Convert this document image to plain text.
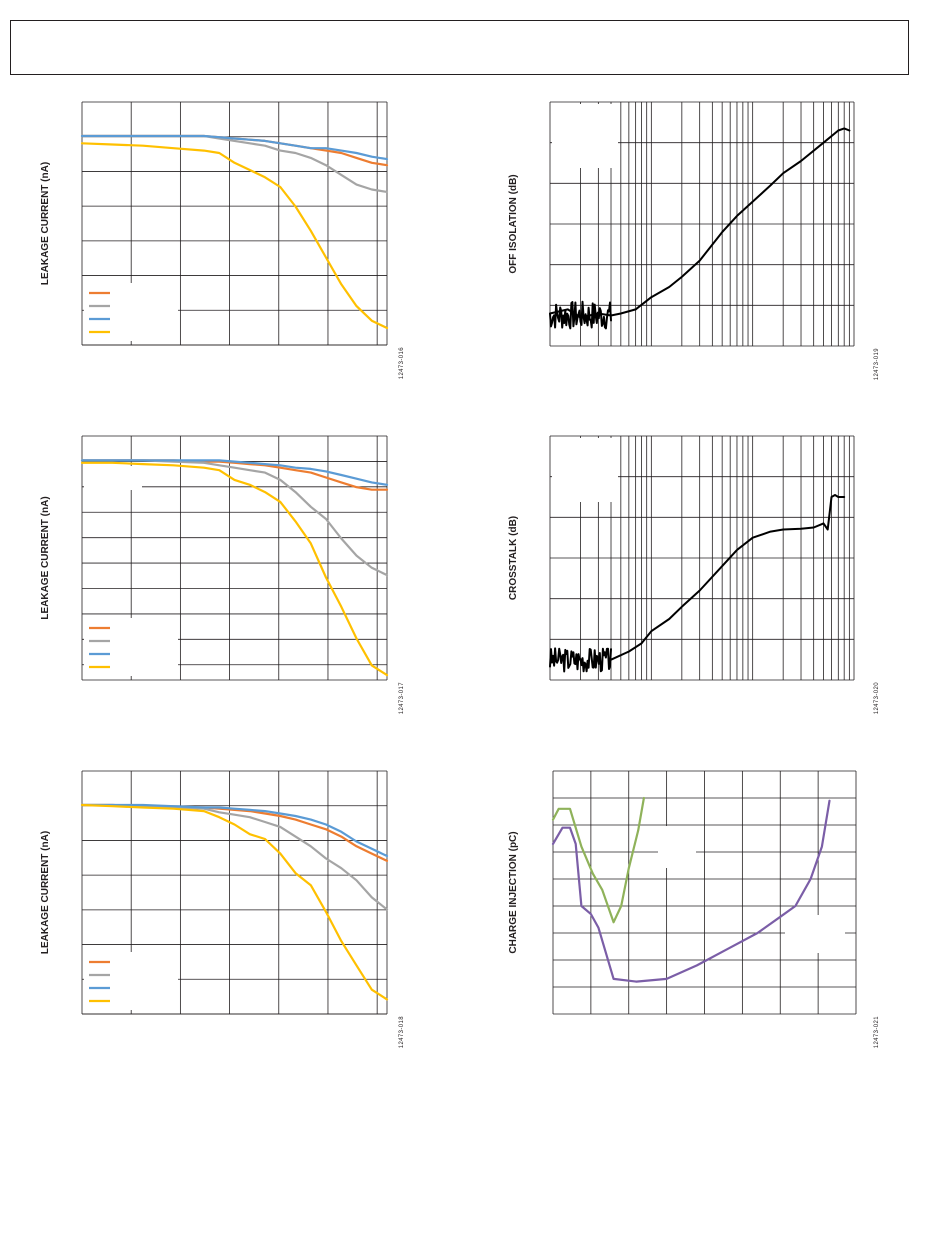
LEAKAGE CURRENT (nA)
12473-016
LEAKAGE CURRENT (nA)
12473-017
LEAKAGE CURRENT (nA)
12473-018
OFF ISOLATION (dB)
12473-019
CROSSTALK (dB)
12473-020
CHARGE INJECTION (pC)
12473-021
